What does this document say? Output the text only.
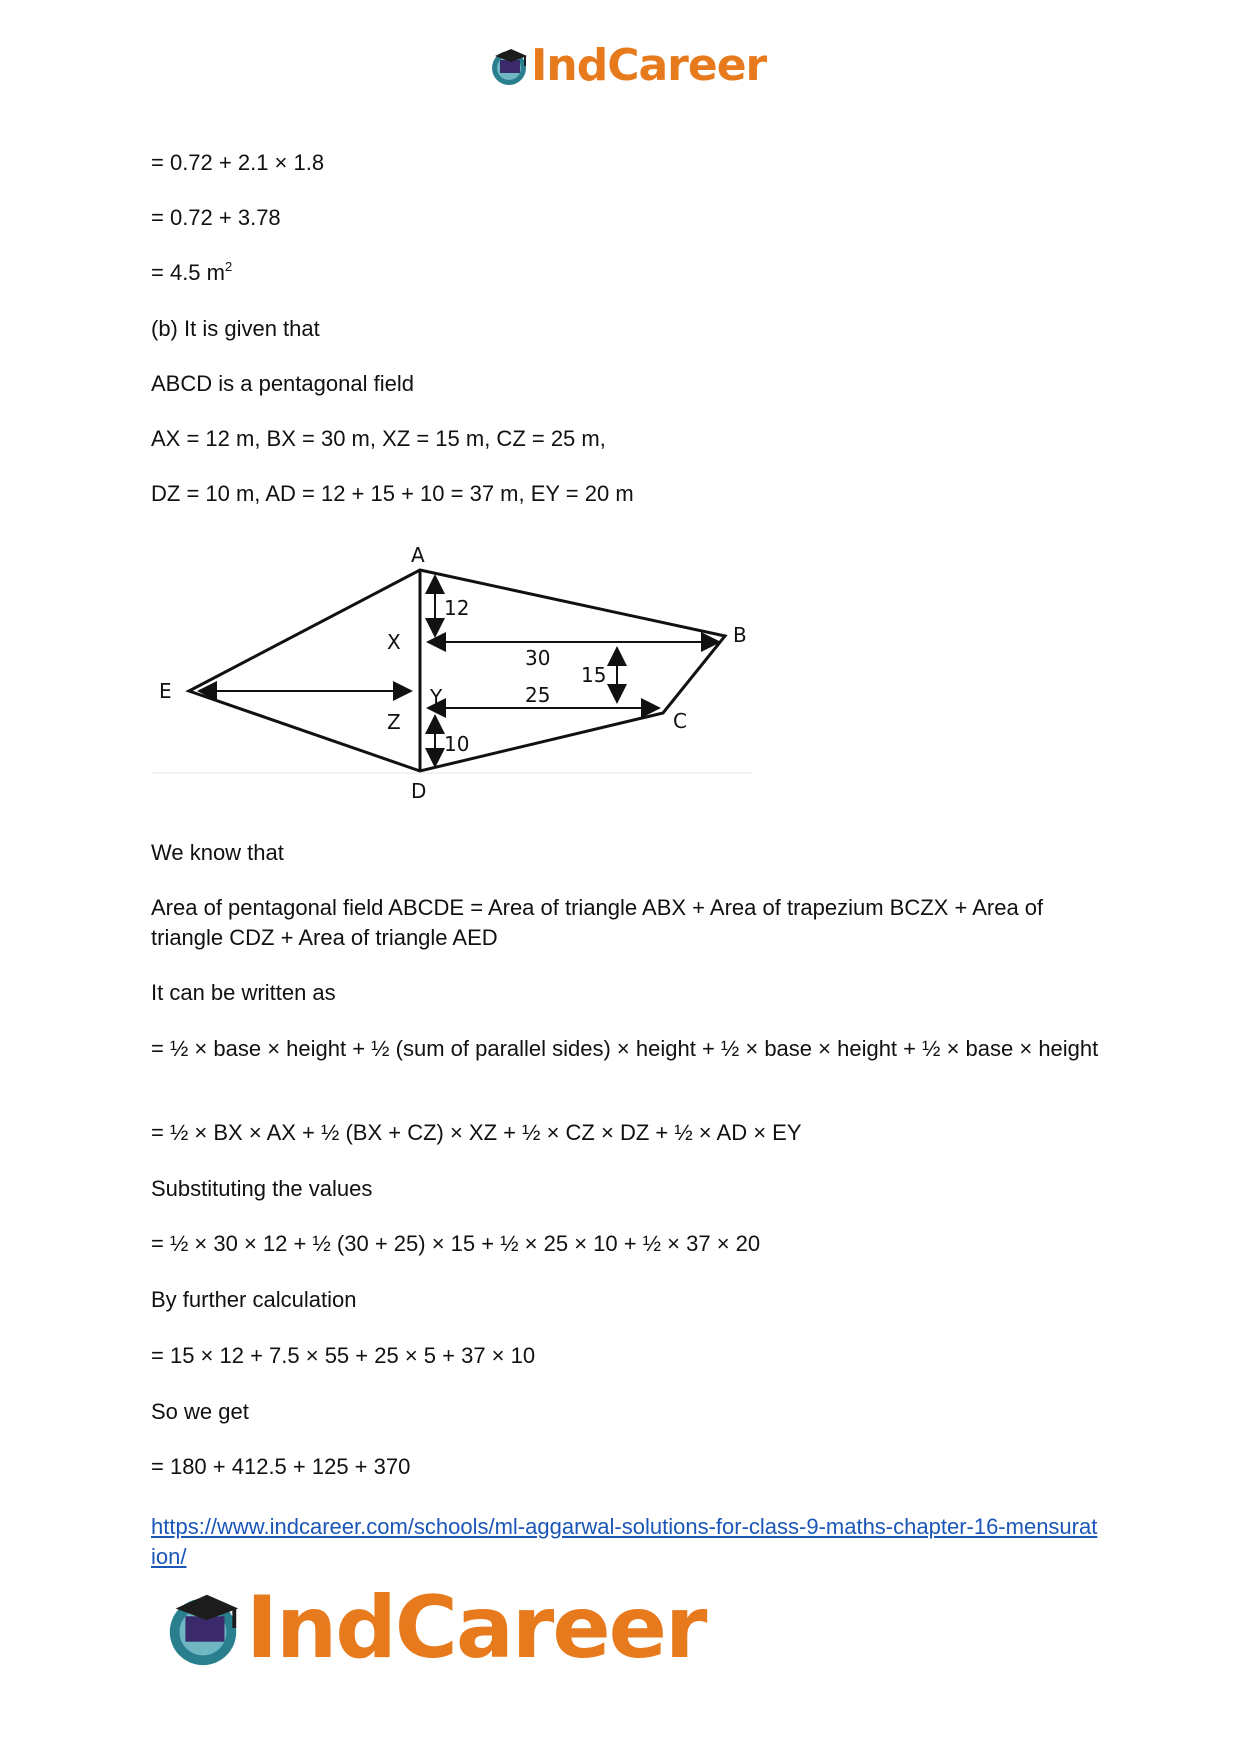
IndCareer
= 0.72 + 2.1 × 1.8
= 0.72 + 3.78
= 4.5 $m^2$
(b) It is given that
ABCD is a pentagonal field
AX = 12 m, BX = 30 m, XZ = 15 m, CZ = 25 m,
DZ = 10 m, AD = 12 + 15 + 10 = 37 m, EY = 20 m
A
B
C
D
E
X
Y
Z
12
30
15
25
10
We know that
Area of pentagonal field ABCDE = Area of triangle ABX + Area of trapezium BCZX + Area of triangle CDZ + Area of triangle AED
It can be written as
= ½ × base × height + ½ (sum of parallel sides) × height + ½ × base × height + ½ × base × height
= ½ × BX × AX + ½ (BX + CZ) × XZ + ½ × CZ × DZ + ½ × AD × EY
Substituting the values
= ½ × 30 × 12 + ½ (30 + 25) × 15 + ½ × 25 × 10 + ½ × 37 × 20
By further calculation
= 15 × 12 + 7.5 × 55 + 25 × 5 + 37 × 10
So we get
= 180 + 412.5 + 125 + 370
https://www.indcareer.com/schools/ml-aggarwal-solutions-for-class-9-maths-chapter-16-mensuration/
IndCareer
